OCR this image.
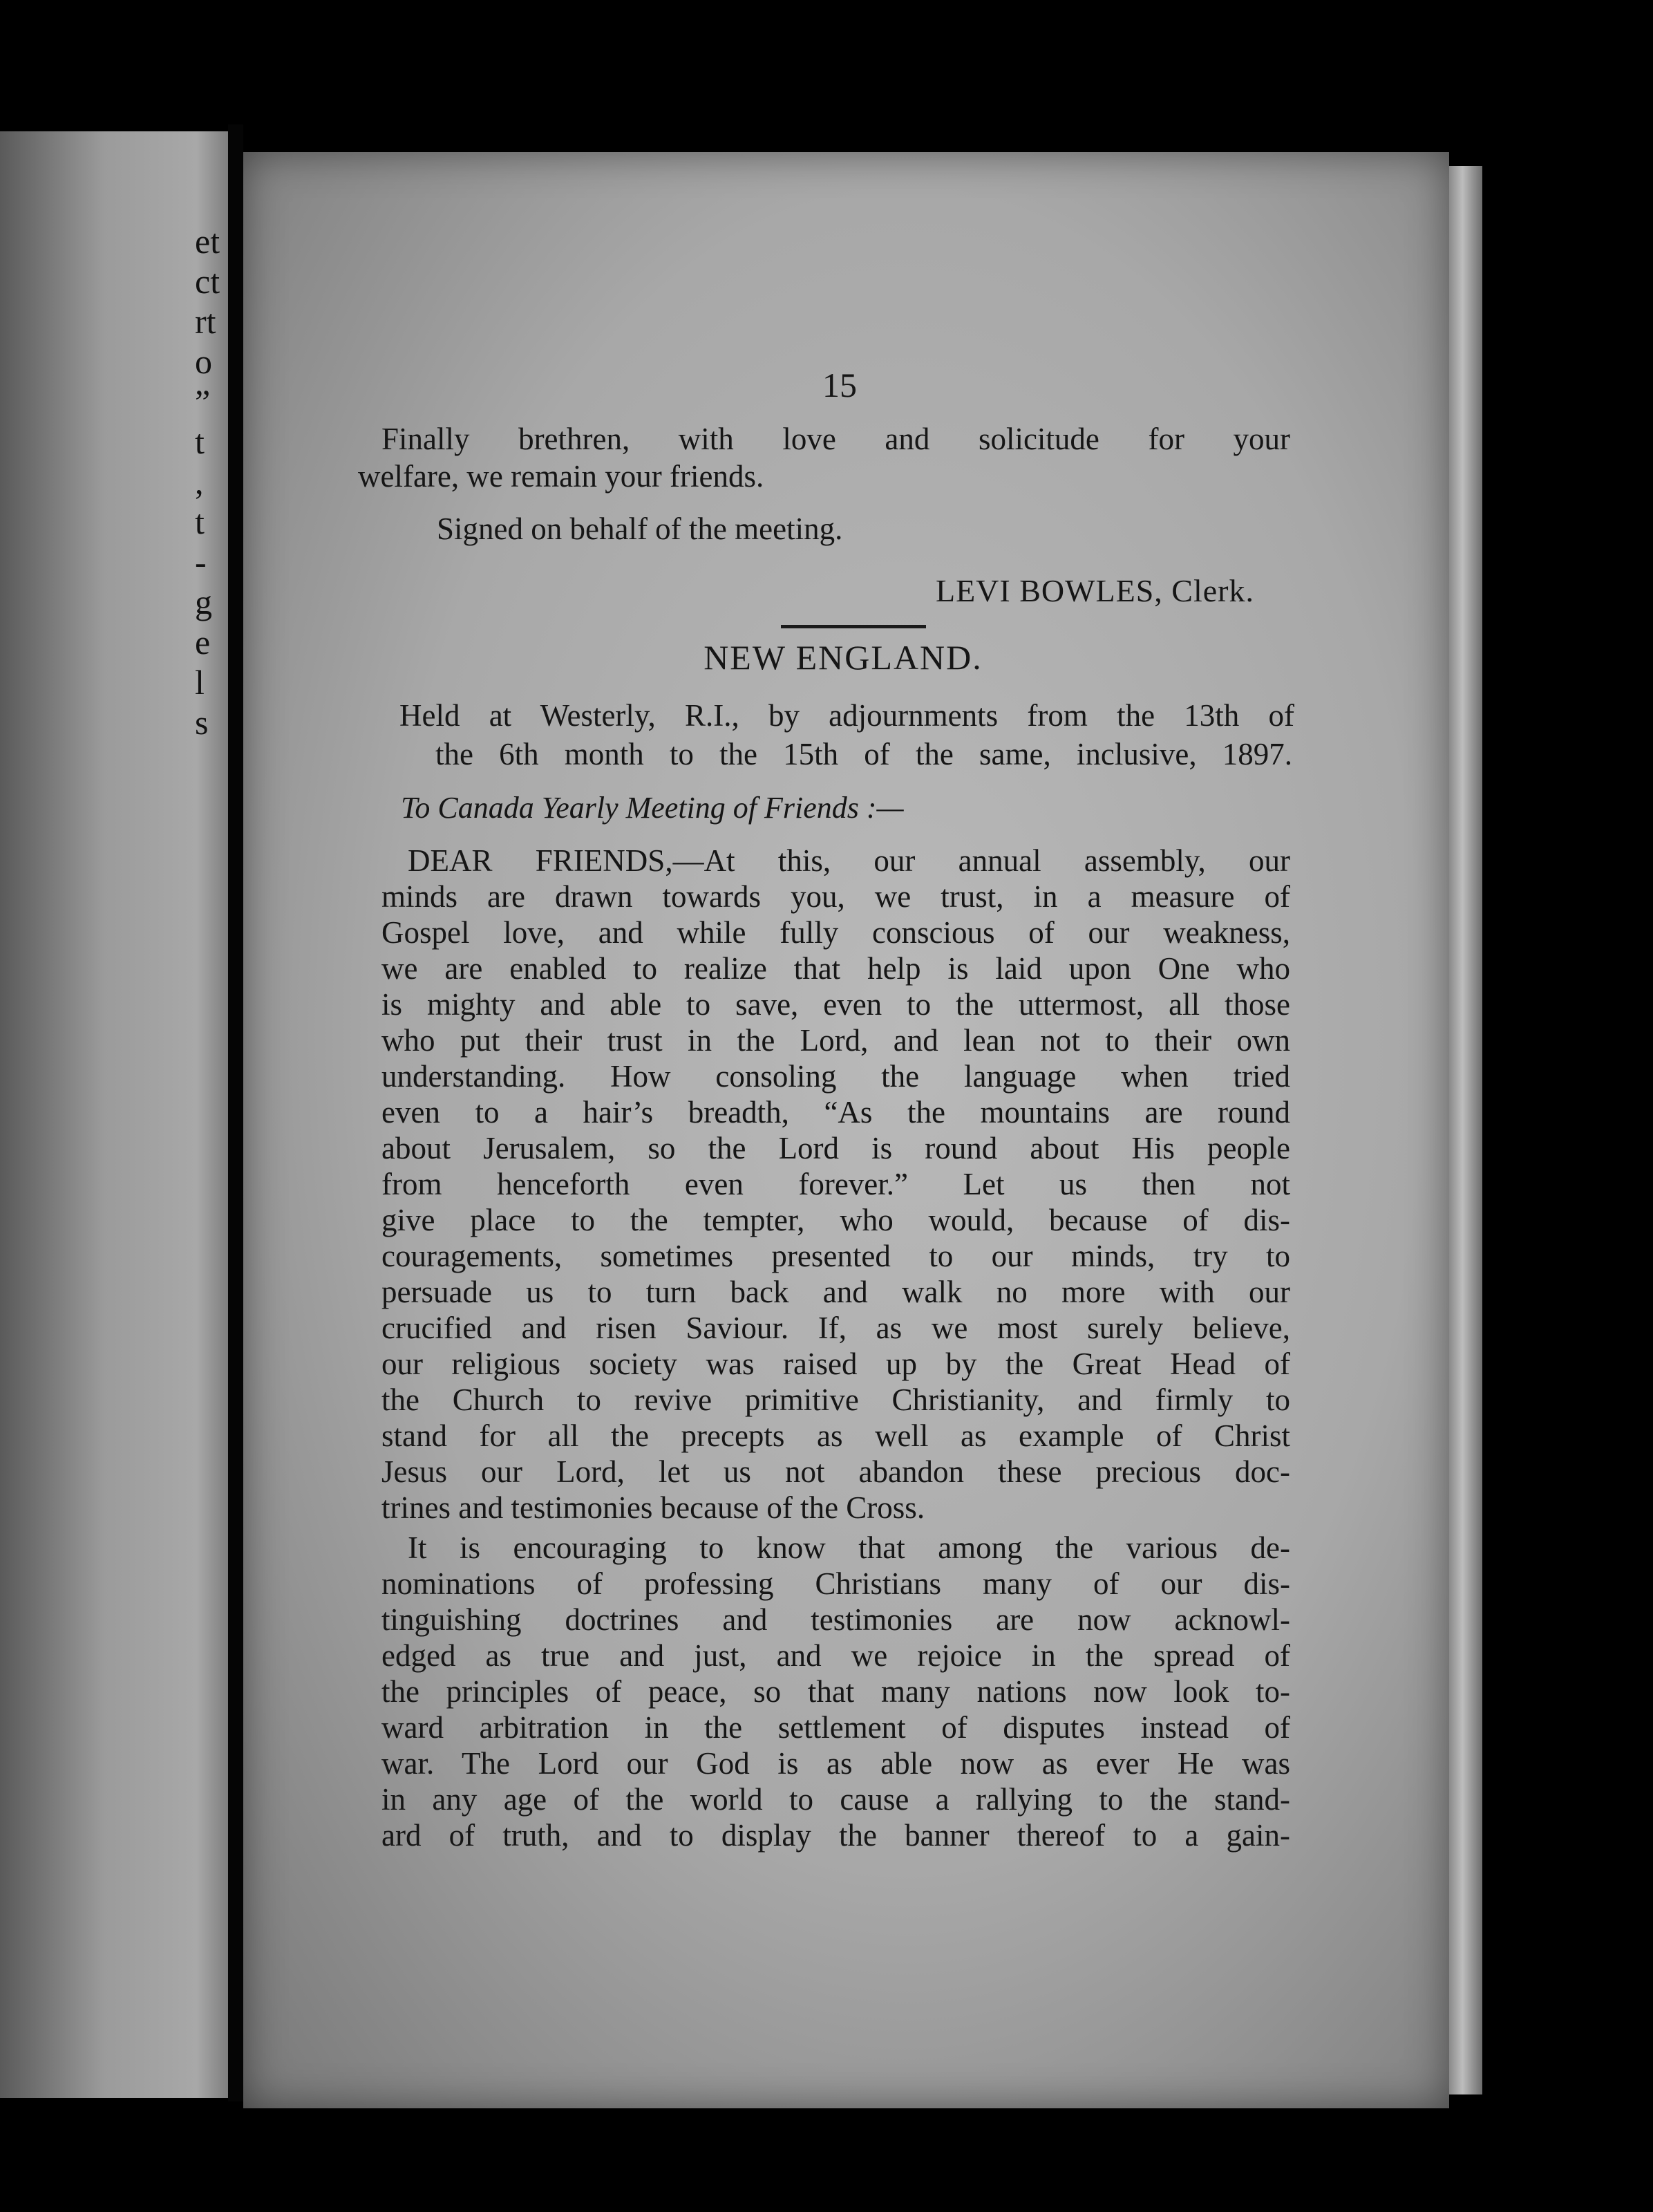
et
ct
rt
o
”
t
,
t
-
g
e
l
s
15
Finally brethren, with love and solicitude for your
welfare, we remain your friends.
Signed on behalf of the meeting.
LEVI BOWLES, Clerk.
NEW ENGLAND.
Held at Westerly, R.I., by adjournments from the 13th of
the 6th month to the 15th of the same, inclusive, 1897.
To Canada Yearly Meeting of Friends :—
DEAR FRIENDS,—At this, our annual assembly, our
minds are drawn towards you, we trust, in a measure of
Gospel love, and while fully conscious of our weakness,
we are enabled to realize that help is laid upon One who
is mighty and able to save, even to the uttermost, all those
who put their trust in the Lord, and lean not to their own
understanding. How consoling the language when tried
even to a hair’s breadth, “As the mountains are round
about Jerusalem, so the Lord is round about His people
from henceforth even forever.” Let us then not
give place to the tempter, who would, because of dis-
couragements, sometimes presented to our minds, try to
persuade us to turn back and walk no more with our
crucified and risen Saviour. If, as we most surely believe,
our religious society was raised up by the Great Head of
the Church to revive primitive Christianity, and firmly to
stand for all the precepts as well as example of Christ
Jesus our Lord, let us not abandon these precious doc-
trines and testimonies because of the Cross.
It is encouraging to know that among the various de-
nominations of professing Christians many of our dis-
tinguishing doctrines and testimonies are now acknowl-
edged as true and just, and we rejoice in the spread of
the principles of peace, so that many nations now look to-
ward arbitration in the settlement of disputes instead of
war. The Lord our God is as able now as ever He was
in any age of the world to cause a rallying to the stand-
ard of truth, and to display the banner thereof to a gain-
